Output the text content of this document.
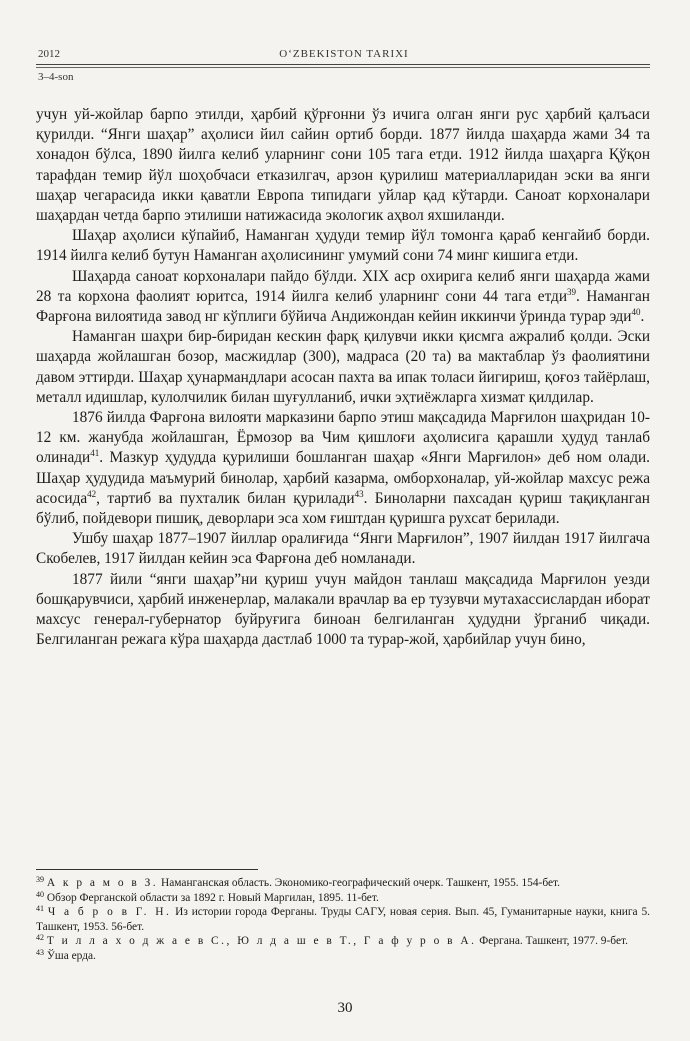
2012	O‘ZBEKISTON TARIXI
3–4-son

учун уй-жойлар барпо этилди, ҳарбий қўрғонни ўз ичига олган янги рус ҳарбий қалъаси қурилди. “Янги шаҳар” аҳолиси йил сайин ортиб борди. 1877 йилда шаҳарда жами 34 та хонадон бўлса, 1890 йилга келиб уларнинг сони 105 тага етди. 1912 йилда шаҳарга Қўқон тарафдан темир йўл шоҳобчаси етказилгач, арзон қурилиш материалларидан эски ва янги шаҳар чегарасида икки қаватли Европа типидаги уйлар қад кўтарди. Саноат корхоналари шаҳардан четда барпо этилиши натижасида экологик аҳвол яхшиланди.

Шаҳар аҳолиси кўпайиб, Наманган ҳудуди темир йўл томонга қараб кенгайиб борди. 1914 йилга келиб бутун Наманган аҳолисининг умумий сони 74 минг кишига етди.

Шаҳарда саноат корхоналари пайдо бўлди. XIX аср охирига келиб янги шаҳарда жами 28 та корхона фаолият юритса, 1914 йилга келиб уларнинг сони 44 тага етди$^{39}$. Наманган Фарғона вилоятида завод нг кўплиги бўйича Андижондан кейин иккинчи ўринда турар эди$^{40}$.

Наманган шаҳри бир-биридан кескин фарқ қилувчи икки қисмга ажралиб қолди. Эски шаҳарда жойлашган бозор, масжидлар (300), мадраса (20 та) ва мактаблар ўз фаолиятини давом эттирди. Шаҳар ҳунармандлари асосан пахта ва ипак толаси йигириш, қоғоз тайёрлаш, металл идишлар, кулолчилик билан шуғулланиб, ички эҳтиёжларга хизмат қилдилар.

1876 йилда Фарғона вилояти марказини барпо этиш мақсадида Марғилон шаҳридан 10-12 км. жанубда жойлашган, Ёрмозор ва Чим қишлоғи аҳолисига қарашли ҳудуд танлаб олинади$^{41}$. Мазкур ҳудудда қурилиши бошланган шаҳар «Янги Марғилон» деб ном олади. Шаҳар ҳудудида маъмурий бинолар, ҳарбий казарма, омборхоналар, уй-жойлар махсус режа асосида$^{42}$, тартиб ва пухталик билан қурилади$^{43}$. Биноларни пахсадан қуриш тақиқланган бўлиб, пойдевори пишиқ, деворлари эса хом ғиштдан қуришга рухсат берилади.

Ушбу шаҳар 1877–1907 йиллар оралиғида “Янги Марғилон”, 1907 йилдан 1917 йилгача Скобелев, 1917 йилдан кейин эса Фарғона деб номланади.

1877 йили “янги шаҳар”ни қуриш учун майдон танлаш мақсадида Марғилон уезди бошқарувчиси, ҳарбий инженерлар, малакали врачлар ва ер тузувчи мутахассислардан иборат махсус генерал-губернатор буйруғига биноан белгиланган ҳудудни ўрганиб чиқади. Белгиланган режага кўра шаҳарда дастлаб 1000 та турар-жой, ҳарбийлар учун бино,

$^{39}$ А к р а м о в З. Наманганская область. Экономико-географический очерк. Ташкент, 1955. 154-бет.

$^{40}$ Обзор Ферганской области за 1892 г. Новый Маргилан, 1895. 11-бет.

$^{41}$ Ч а б р о в Г. Н. Из истории города Ферганы. Труды САГУ, новая серия. Вып. 45, Гуманитарные науки, книга 5. Ташкент, 1953. 56-бет.

$^{42}$ Т и л л а х о д ж а е в С., Ю л д а ш е в Т., Г а ф у р о в А. Фергана. Ташкент, 1977. 9-бет.

$^{43}$ Ўша ерда.

30
